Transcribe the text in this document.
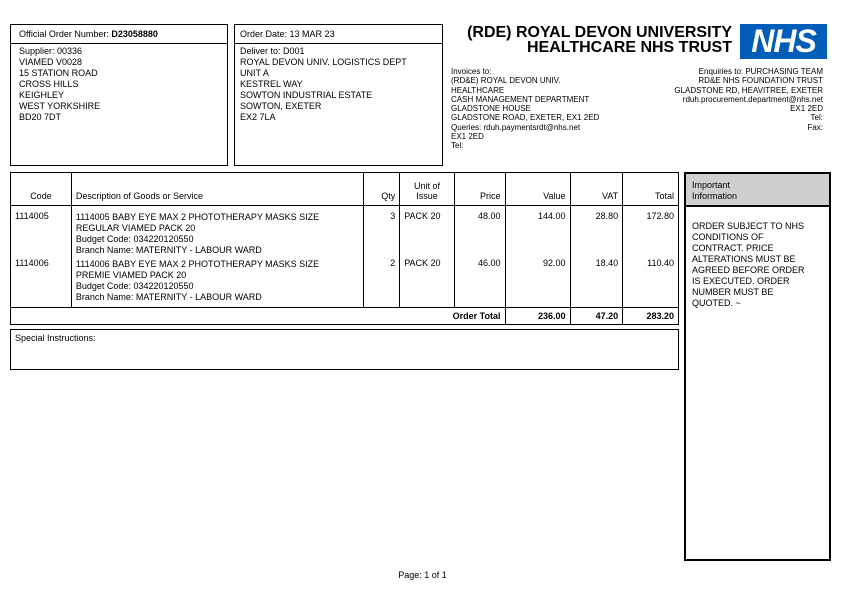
Official Order Number: D23058880
Supplier: 00336
VIAMED V0028
15 STATION ROAD
CROSS HILLS
KEIGHLEY
WEST YORKSHIRE
BD20 7DT
Order Date: 13 MAR 23
Deliver to: D001
ROYAL DEVON UNIV. LOGISTICS DEPT
UNIT A
KESTREL WAY
SOWTON INDUSTRIAL ESTATE
SOWTON, EXETER
EX2 7LA
(RDE) ROYAL DEVON UNIVERSITY
HEALTHCARE NHS TRUST NHS
Invoices to:
(RD&E) ROYAL DEVON UNIV.
HEALTHCARE
CASH MANAGEMENT DEPARTMENT
GLADSTONE HOUSE
GLADSTONE ROAD, EXETER, EX1 2ED
Queries: rduh.paymentsrdt@nhs.net
EX1 2ED
Tel:
Enquiries to: PURCHASING TEAM
RD&E NHS FOUNDATION TRUST
GLADSTONE RD, HEAVITREE, EXETER
rduh.procurement.department@nhs.net
EX1 2ED
Tel:
Fax:
Code	Description of Goods or Service	Qty	Unit of
Issue	Price	Value	VAT	Total
1114005	1114005 BABY EYE MAX 2 PHOTOTHERAPY MASKS SIZE
REGULAR VIAMED PACK 20
Budget Code: 034220120550
Branch Name: MATERNITY - LABOUR WARD	3	PACK 20	48.00	144.00	28.80	172.80
1114006	1114006 BABY EYE MAX 2 PHOTOTHERAPY MASKS SIZE
PREMIE VIAMED PACK 20
Budget Code: 034220120550
Branch Name: MATERNITY - LABOUR WARD	2	PACK 20	46.00	92.00	18.40	110.40
Order Total					236.00	47.20	283.20
Special Instructions:
Important
Information
ORDER SUBJECT TO NHS
CONDITIONS OF
CONTRACT. PRICE
ALTERATIONS MUST BE
AGREED BEFORE ORDER
IS EXECUTED. ORDER
NUMBER MUST BE
QUOTED. ~
Page: 1 of 1
